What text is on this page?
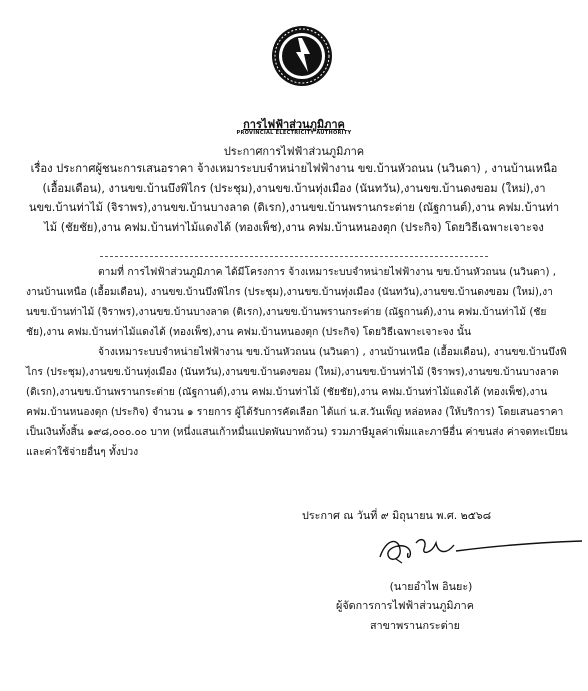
การไฟฟ้าส่วนภูมิภาค
PROVINCIAL ELECTRICITY AUTHORITY
ประกาศการไฟฟ้าส่วนภูมิภาค
เรื่อง ประกาศผู้ชนะการเสนอราคา จ้างเหมาระบบจำหน่ายไฟฟ้างาน ขข.บ้านหัวถนน (นวินดา) , งานบ้านเหนือ (เอื้อมเดือน), งานขข.บ้านบึงพิไกร (ประชุม),งานขข.บ้านทุ่งเมือง (นันทวัน),งานขข.บ้านดงขอม (ใหม่),งานขข.บ้านท่าไม้ (จิราพร),งานขข.บ้านบางลาด (ดิเรก),งานขข.บ้านพรานกระต่าย (ณัฐกานต์),งาน คฟม.บ้านท่าไม้ (ชัยชัย),งาน คฟม.บ้านท่าไม้แดงได้ (ทองเพ็ช),งาน คฟม.บ้านหนองตุก (ประกิจ) โดยวิธีเฉพาะเจาะจง

ตามที่ การไฟฟ้าส่วนภูมิภาค ได้มีโครงการ จ้างเหมาระบบจำหน่ายไฟฟ้างาน ขข.บ้านหัวถนน (นวินดา) , งานบ้านเหนือ (เอื้อมเดือน), งานขข.บ้านบึงพิไกร (ประชุม),งานขข.บ้านทุ่งเมือง (นันทวัน),งานขข.บ้านดงขอม (ใหม่),งานขข.บ้านท่าไม้ (จิราพร),งานขข.บ้านบางลาด (ดิเรก),งานขข.บ้านพรานกระต่าย (ณัฐกานต์),งาน คฟม.บ้านท่าไม้ (ชัยชัย),งาน คฟม.บ้านท่าไม้แดงได้ (ทองเพ็ช),งาน คฟม.บ้านหนองตุก (ประกิจ) โดยวิธีเฉพาะเจาะจง นั้น

จ้างเหมาระบบจำหน่ายไฟฟ้างาน ขข.บ้านหัวถนน (นวินดา) , งานบ้านเหนือ (เอื้อมเดือน), งานขข.บ้านบึงพิไกร (ประชุม),งานขข.บ้านทุ่งเมือง (นันทวัน),งานขข.บ้านดงขอม (ใหม่),งานขข.บ้านท่าไม้ (จิราพร),งานขข.บ้านบางลาด (ดิเรก),งานขข.บ้านพรานกระต่าย (ณัฐกานต์),งาน คฟม.บ้านท่าไม้ (ชัยชัย),งาน คฟม.บ้านท่าไม้แดงได้ (ทองเพ็ช),งาน คฟม.บ้านหนองตุก (ประกิจ) จำนวน ๑ รายการ ผู้ได้รับการคัดเลือก ได้แก่ น.ส.วันเพ็ญ หล่อหลง (ให้บริการ) โดยเสนอราคา เป็นเงินทั้งสิ้น ๑๙๘,๐๐๐.๐๐ บาท (หนึ่งแสนเก้าหมื่นแปดพันบาทถ้วน) รวมภาษีมูลค่าเพิ่มและภาษีอื่น ค่าขนส่ง ค่าจดทะเบียน และค่าใช้จ่ายอื่นๆ ทั้งปวง

ประกาศ ณ วันที่ ๙ มิถุนายน พ.ศ. ๒๕๖๘
(นายอำไพ อินยะ)
ผู้จัดการการไฟฟ้าส่วนภูมิภาค
สาขาพรานกระต่าย
